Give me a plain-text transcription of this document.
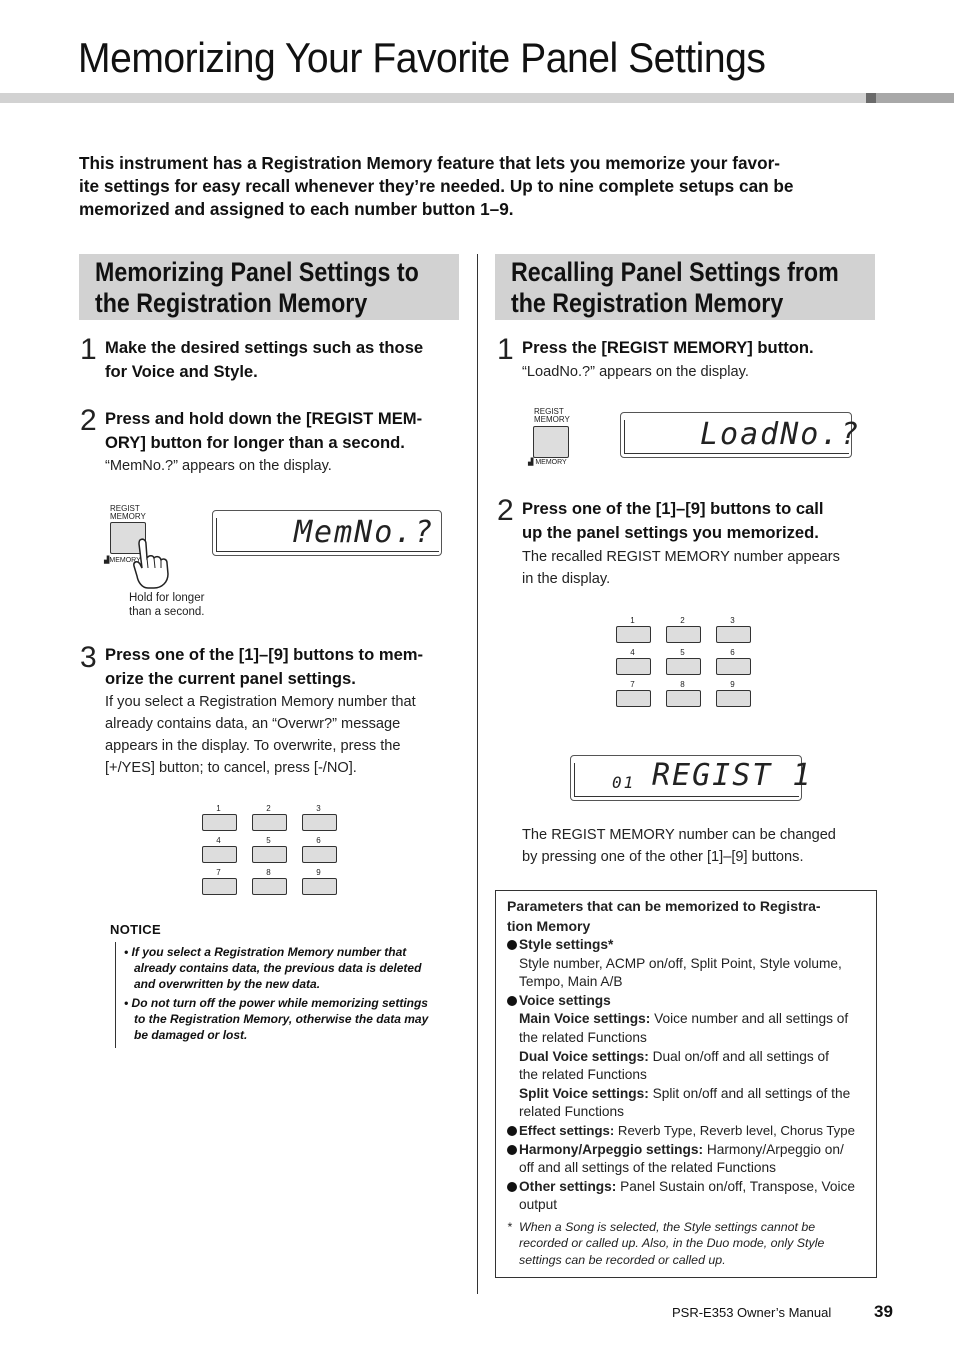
Memorizing Your Favorite Panel Settings
This instrument has a Registration Memory feature that lets you memorize your favor-
ite settings for easy recall whenever they’re needed. Up to nine complete setups can be
memorized and assigned to each number button 1–9.
Memorizing Panel Settings to
the Registration Memory
1 Make the desired settings such as those
for Voice and Style.
2 Press and hold down the [REGIST MEM-
ORY] button for longer than a second.
“MemNo.?” appears on the display.
REGIST
MEMORY
▟MEMORY
Hold for longer
than a second.
MemNo.?
3 Press one of the [1]–[9] buttons to mem-
orize the current panel settings.
If you select a Registration Memory number that
already contains data, an “Overwr?” message
appears in the display. To overwrite, press the
[+/YES] button; to cancel, press [-/NO].
1	2	3
4	5	6
7	8	9
NOTICE
• If you select a Registration Memory number that
already contains data, the previous data is deleted
and overwritten by the new data.
• Do not turn off the power while memorizing settings
to the Registration Memory, otherwise the data may
be damaged or lost.
Recalling Panel Settings from
the Registration Memory
1 Press the [REGIST MEMORY] button.
“LoadNo.?” appears on the display.
REGIST
MEMORY
▟ MEMORY
LoadNo.?
2 Press one of the [1]–[9] buttons to call
up the panel settings you memorized.
The recalled REGIST MEMORY number appears
in the display.
1	2	3
4	5	6
7	8	9
01 REGIST 1
The REGIST MEMORY number can be changed
by pressing one of the other [1]–[9] buttons.
Parameters that can be memorized to Registra-
tion Memory
Style settings*
Style number, ACMP on/off, Split Point, Style volume,
Tempo, Main A/B
Voice settings
Main Voice settings: Voice number and all settings of
the related Functions
Dual Voice settings: Dual on/off and all settings of
the related Functions
Split Voice settings: Split on/off and all settings of the
related Functions
Effect settings: Reverb Type, Reverb level, Chorus Type
Harmony/Arpeggio settings: Harmony/Arpeggio on/
off and all settings of the related Functions
Other settings: Panel Sustain on/off, Transpose, Voice
output
* When a Song is selected, the Style settings cannot be
recorded or called up. Also, in the Duo mode, only Style
settings can be recorded or called up.
PSR-E353 Owner’s Manual	39
